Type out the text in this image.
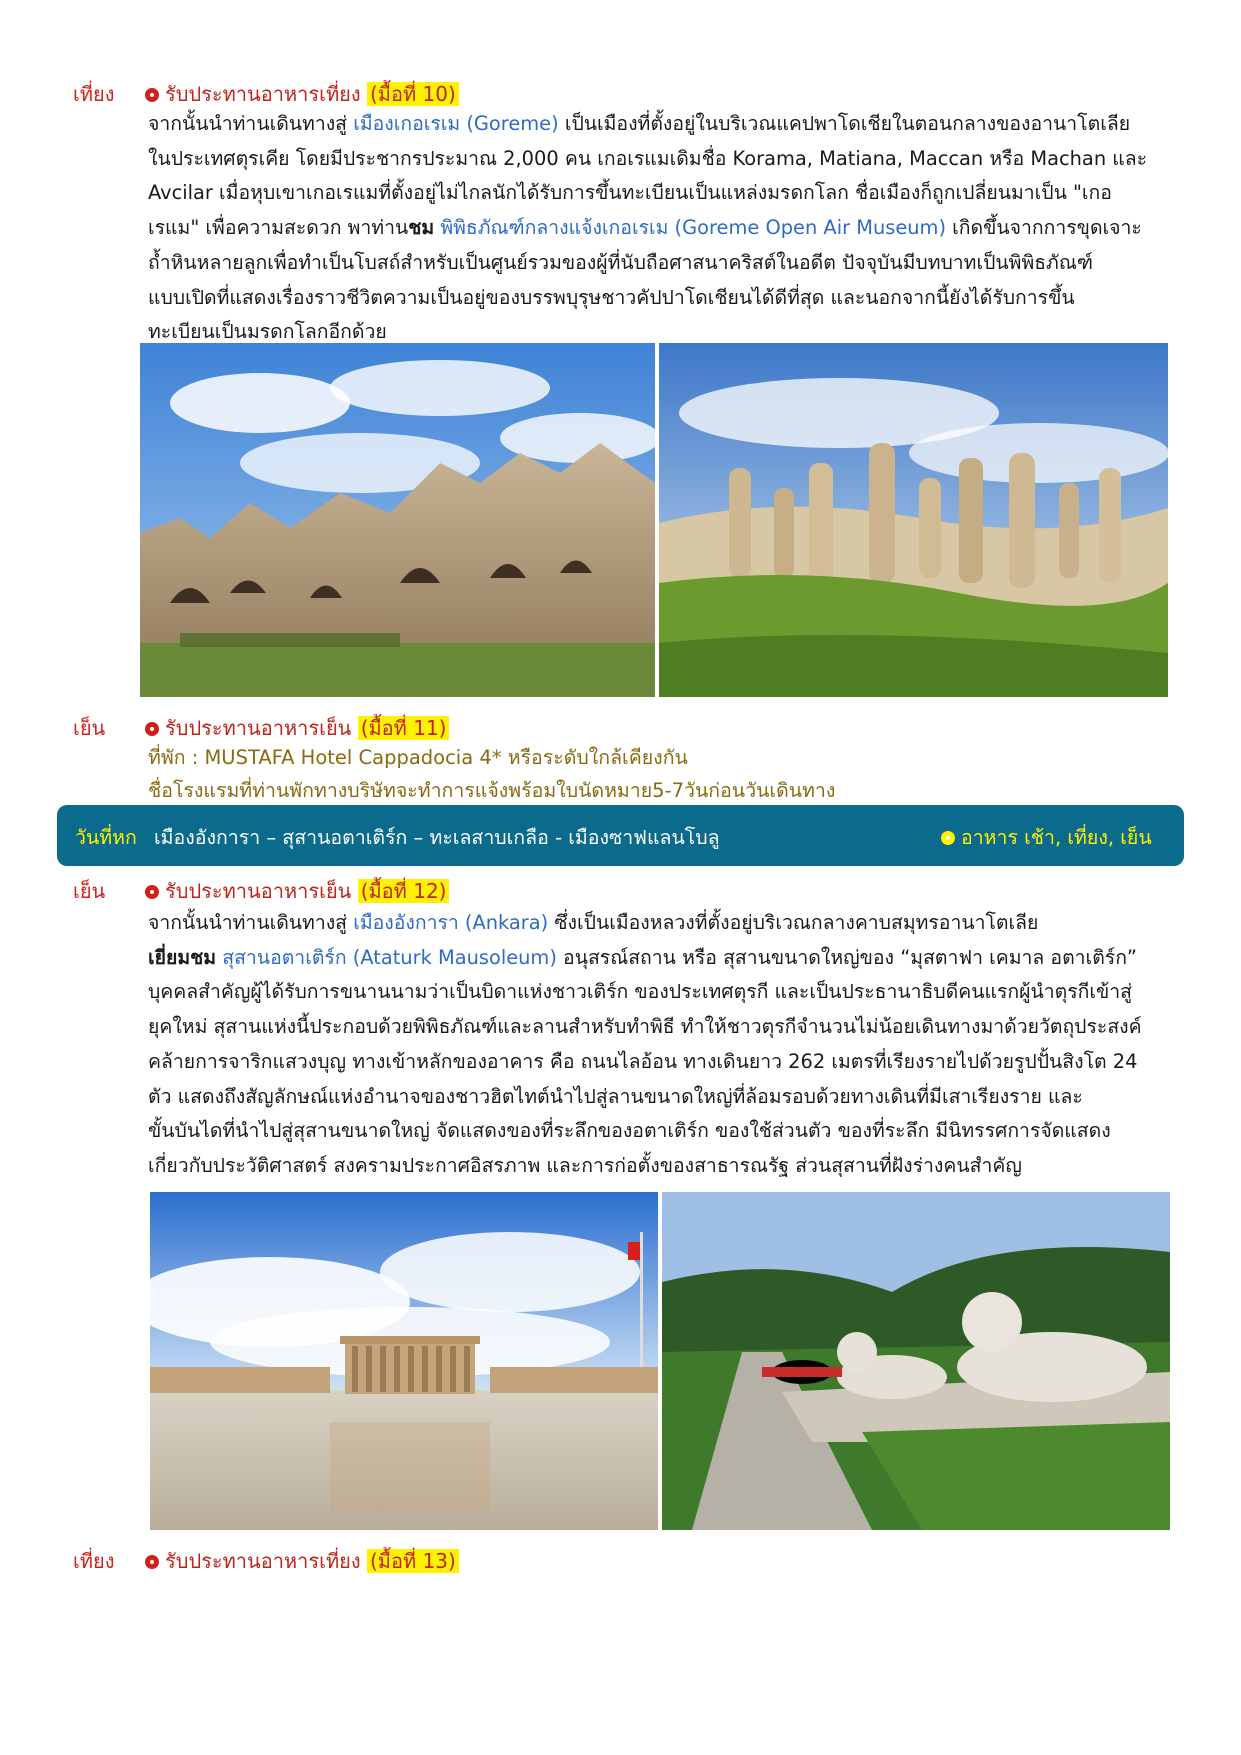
เที่ยง	รับประทานอาหารเที่ยง (มื้อที่ 10)
จากนั้นนำท่านเดินทางสู่ เมืองเกอเรเม (Goreme) เป็นเมืองที่ตั้งอยู่ในบริเวณแคปพาโดเชียในตอนกลางของอานาโตเลีย
ในประเทศตุรเคีย โดยมีประชากรประมาณ 2,000 คน เกอเรแมเดิมชื่อ Korama, Matiana, Maccan หรือ Machan และ
Avcilar เมื่อหุบเขาเกอเรแมที่ตั้งอยู่ไม่ไกลนักได้รับการขึ้นทะเบียนเป็นแหล่งมรดกโลก ชื่อเมืองก็ถูกเปลี่ยนมาเป็น "เกอ
เรแม" เพื่อความสะดวก พาท่านชม พิพิธภัณฑ์กลางแจ้งเกอเรเม (Goreme Open Air Museum) เกิดขึ้นจากการขุดเจาะ
ถ้ำหินหลายลูกเพื่อทำเป็นโบสถ์สำหรับเป็นศูนย์รวมของผู้ที่นับถือศาสนาคริสต์ในอดีต ปัจจุบันมีบทบาทเป็นพิพิธภัณฑ์
แบบเปิดที่แสดงเรื่องราวชีวิตความเป็นอยู่ของบรรพบุรุษชาวคัปปาโดเชียนได้ดีที่สุด และนอกจากนี้ยังได้รับการขึ้น
ทะเบียนเป็นมรดกโลกอีกด้วย
เย็น	รับประทานอาหารเย็น (มื้อที่ 11)
ที่พัก : MUSTAFA Hotel Cappadocia 4* หรือระดับใกล้เคียงกัน
ชื่อโรงแรมที่ท่านพักทางบริษัทจะทำการแจ้งพร้อมใบนัดหมาย5-7วันก่อนวันเดินทาง
วันที่หก เมืองอังการา – สุสานอตาเติร์ก – ทะเลสาบเกลือ - เมืองซาฟแลนโบลู	อาหาร เช้า, เที่ยง, เย็น
เย็น	รับประทานอาหารเย็น (มื้อที่ 12)
จากนั้นนำท่านเดินทางสู่ เมืองอังการา (Ankara) ซึ่งเป็นเมืองหลวงที่ตั้งอยู่บริเวณกลางคาบสมุทรอานาโตเลีย
เยี่ยมชม สุสานอตาเติร์ก (Ataturk Mausoleum) อนุสรณ์สถาน หรือ สุสานขนาดใหญ่ของ “มุสตาฟา เคมาล อตาเติร์ก”
บุคคลสำคัญผู้ได้รับการขนานนามว่าเป็นบิดาแห่งชาวเติร์ก ของประเทศตุรกี และเป็นประธานาธิบดีคนแรกผู้นำตุรกีเข้าสู่
ยุคใหม่ สุสานแห่งนี้ประกอบด้วยพิพิธภัณฑ์และลานสำหรับทำพิธี ทำให้ชาวตุรกีจำนวนไม่น้อยเดินทางมาด้วยวัตถุประสงค์
คล้ายการจาริกแสวงบุญ ทางเข้าหลักของอาคาร คือ ถนนไลอ้อน ทางเดินยาว 262 เมตรที่เรียงรายไปด้วยรูปปั้นสิงโต 24
ตัว แสดงถึงสัญลักษณ์แห่งอำนาจของชาวฮิตไทต์นำไปสู่ลานขนาดใหญ่ที่ล้อมรอบด้วยทางเดินที่มีเสาเรียงราย และ
ขั้นบันไดที่นำไปสู่สุสานขนาดใหญ่ จัดแสดงของที่ระลึกของอตาเติร์ก ของใช้ส่วนตัว ของที่ระลึก มีนิทรรศการจัดแสดง
เกี่ยวกับประวัติศาสตร์ สงครามประกาศอิสรภาพ และการก่อตั้งของสาธารณรัฐ ส่วนสุสานที่ฝังร่างคนสำคัญ
เที่ยง	รับประทานอาหารเที่ยง (มื้อที่ 13)
